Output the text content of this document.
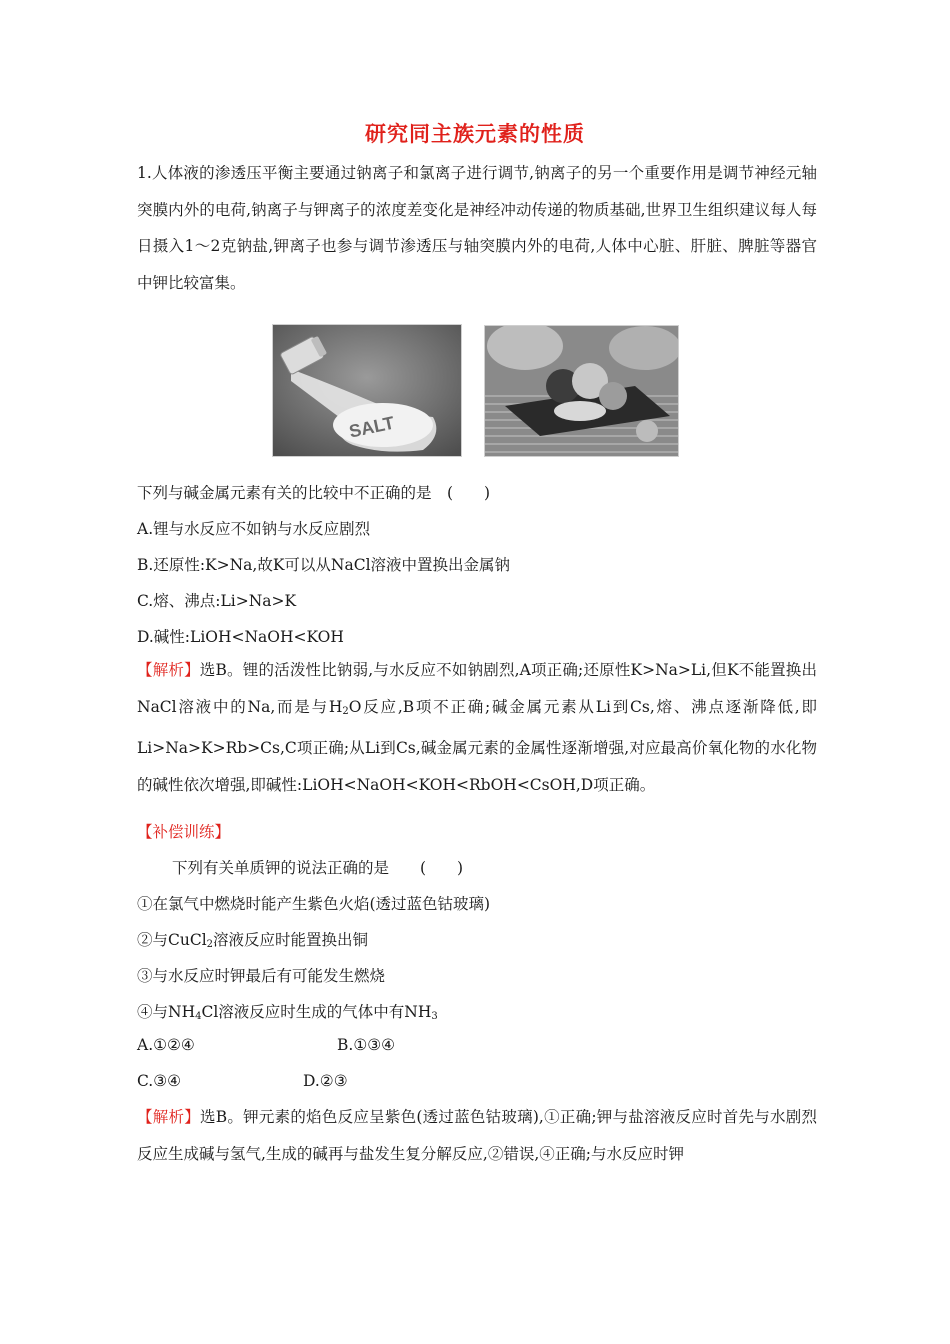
研究同主族元素的性质
1.人体液的渗透压平衡主要通过钠离子和氯离子进行调节,钠离子的另一个重要作用是调节神经元轴突膜内外的电荷,钠离子与钾离子的浓度差变化是神经冲动传递的物质基础,世界卫生组织建议每人每日摄入1～2克钠盐,钾离子也参与调节渗透压与轴突膜内外的电荷,人体中心脏、肝脏、脾脏等器官中钾比较富集。
SALT
下列与碱金属元素有关的比较中不正确的是　(　　)
A.锂与水反应不如钠与水反应剧烈
B.还原性:K>Na,故K可以从NaCl溶液中置换出金属钠
C.熔、沸点:Li>Na>K
D.碱性:LiOH<NaOH<KOH
【解析】选B。锂的活泼性比钠弱,与水反应不如钠剧烈,A项正确;还原性K>Na>Li,但K不能置换出NaCl溶液中的Na,而是与$H_2O$反应,B项不正确;碱金属元素从Li到Cs,熔、沸点逐渐降低,即Li>Na>K>Rb>Cs,C项正确;从Li到Cs,碱金属元素的金属性逐渐增强,对应最高价氧化物的水化物的碱性依次增强,即碱性:LiOH<NaOH<KOH<RbOH<CsOH,D项正确。
【补偿训练】
下列有关单质钾的说法正确的是　　(　　)
①在氯气中燃烧时能产生紫色火焰(透过蓝色钴玻璃)
②与CuCl$_2$溶液反应时能置换出铜
③与水反应时钾最后有可能发生燃烧
④与$NH_4Cl$溶液反应时生成的气体中有$NH_3$
A.①②④	B.①③④
C.③④	D.②③
【解析】选B。钾元素的焰色反应呈紫色(透过蓝色钴玻璃),①正确;钾与盐溶液反应时首先与水剧烈反应生成碱与氢气,生成的碱再与盐发生复分解反应,②错误,④正确;与水反应时钾
